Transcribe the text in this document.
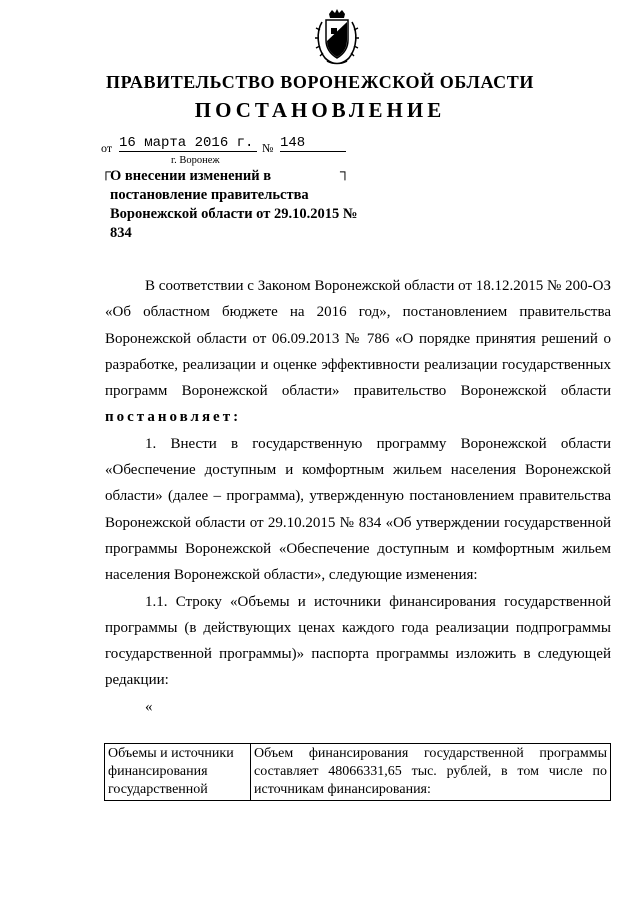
ПРАВИТЕЛЬСТВО ВОРОНЕЖСКОЙ ОБЛАСТИ
ПОСТАНОВЛЕНИЕ
от 16 марта 2016 г. № 148
г. Воронеж
┌	┐
О внесении изменений в постановление правительства Воронежской области от 29.10.2015 № 834

В соответствии с Законом Воронежской области от 18.12.2015 № 200-ОЗ «Об областном бюджете на 2016 год», постановлением правительства Воронежской области от 06.09.2013 № 786 «О порядке принятия решений о разработке, реализации и оценке эффективности реализации государственных программ Воронежской области» правительство Воронежской области постановляет:

1. Внести в государственную программу Воронежской области «Обеспечение доступным и комфортным жильем населения Воронежской области» (далее – программа), утвержденную постановлением правительства Воронежской области от 29.10.2015 № 834 «Об утверждении государственной программы Воронежской «Обеспечение доступным и комфортным жильем населения Воронежской области», следующие изменения:

1.1. Строку «Объемы и источники финансирования государственной программы (в действующих ценах каждого года реализации подпрограммы государственной программы)» паспорта программы изложить в следующей редакции:

«

Объемы и источники финансирования государственной	Объем финансирования государственной программы составляет 48066331,65 тыс. рублей, в том числе по источникам финансирования:
